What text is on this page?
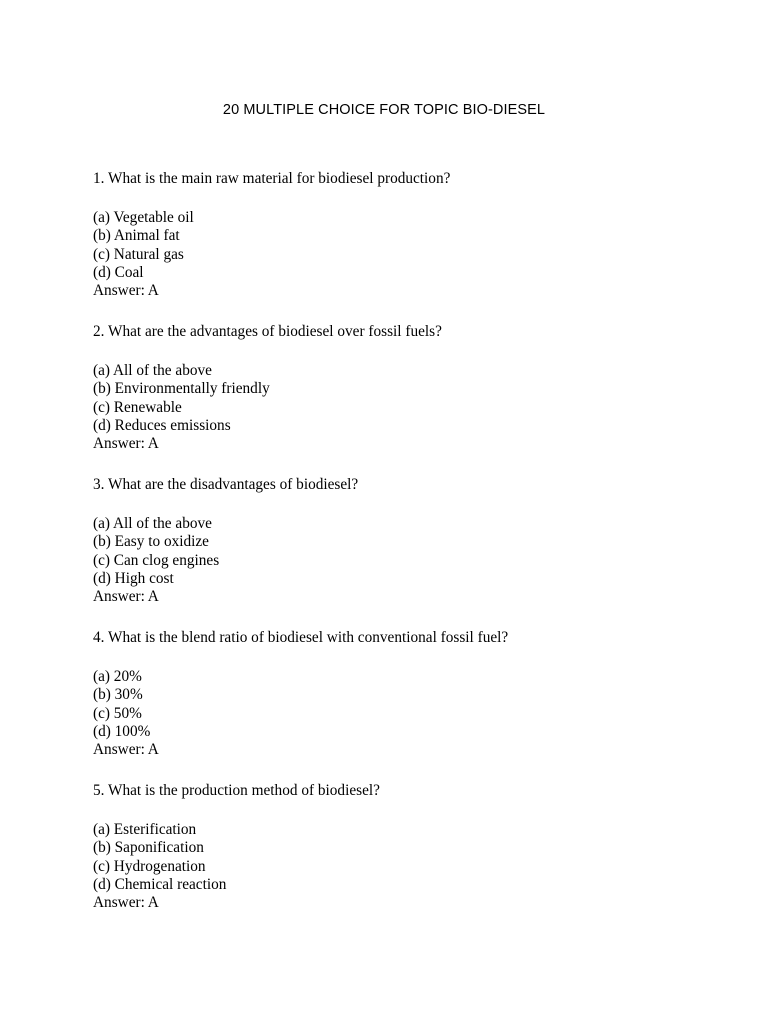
20 MULTIPLE CHOICE FOR TOPIC BIO-DIESEL
1. What is the main raw material for biodiesel production?
(a) Vegetable oil
(b) Animal fat
(c) Natural gas
(d) Coal
Answer: A
2. What are the advantages of biodiesel over fossil fuels?
(a) All of the above
(b) Environmentally friendly
(c) Renewable
(d) Reduces emissions
Answer: A
3. What are the disadvantages of biodiesel?
(a) All of the above
(b) Easy to oxidize
(c) Can clog engines
(d) High cost
Answer: A
4. What is the blend ratio of biodiesel with conventional fossil fuel?
(a) 20%
(b) 30%
(c) 50%
(d) 100%
Answer: A
5. What is the production method of biodiesel?
(a) Esterification
(b) Saponification
(c) Hydrogenation
(d) Chemical reaction
Answer: A
